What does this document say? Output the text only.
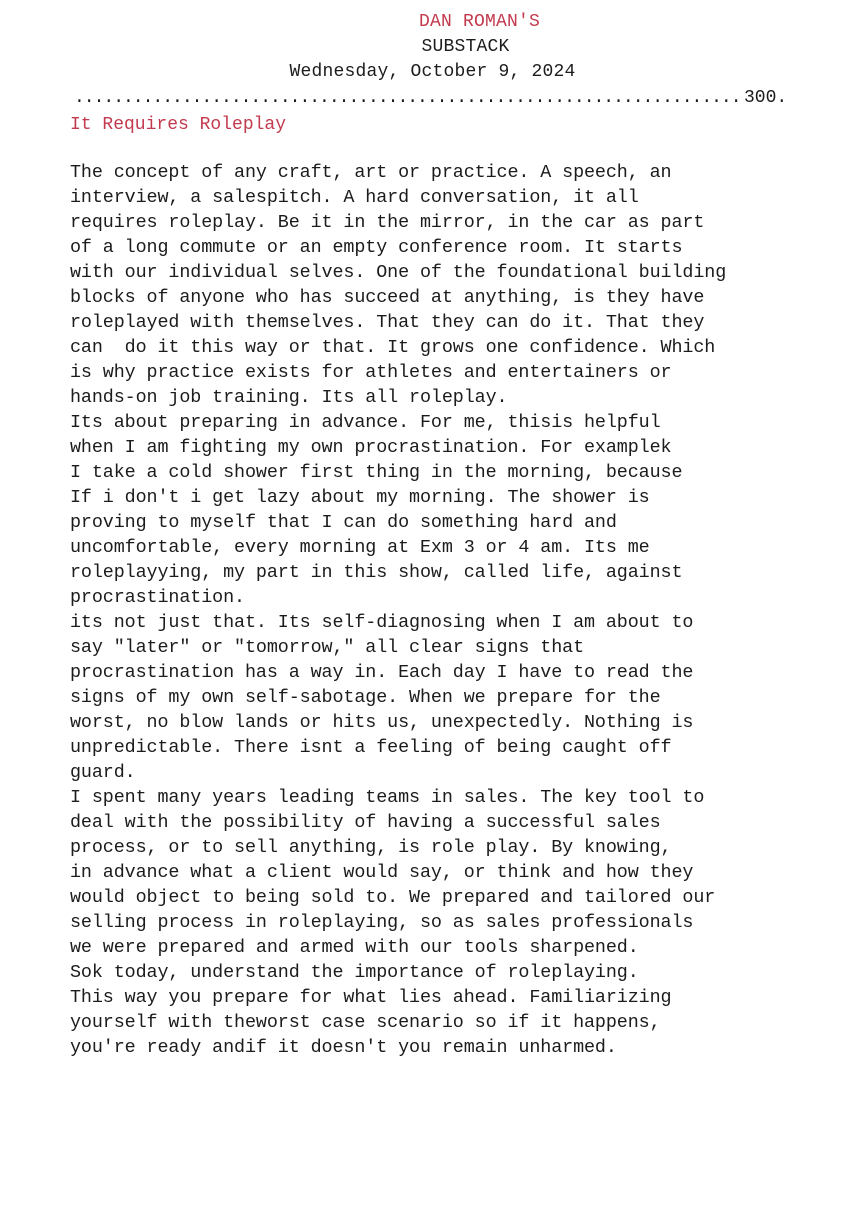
DAN ROMAN'S
SUBSTACK
Wednesday, October 9, 2024
.....300.
It Requires Roleplay
The concept of any craft, art or practice. A speech, an
interview, a salespitch. A hard conversation, it all
requires roleplay. Be it in the mirror, in the car as part
of a long commute or an empty conference room. It starts
with our individual selves. One of the foundational building
blocks of anyone who has succeed at anything, is they have
roleplayed with themselves. That they can do it. That they
can  do it this way or that. It grows one confidence. Which
is why practice exists for athletes and entertainers or
hands-on job training. Its all roleplay.
Its about preparing in advance. For me, thisis helpful
when I am fighting my own procrastination. For examplek
I take a cold shower first thing in the morning, because
If i don't i get lazy about my morning. The shower is
proving to myself that I can do something hard and
uncomfortable, every morning at Exm 3 or 4 am. Its me
roleplayying, my part in this show, called life, against
procrastination.
its not just that. Its self-diagnosing when I am about to
say "later" or "tomorrow," all clear signs that
procrastination has a way in. Each day I have to read the
signs of my own self-sabotage. When we prepare for the
worst, no blow lands or hits us, unexpectedly. Nothing is
unpredictable. There isnt a feeling of being caught off
guard.
I spent many years leading teams in sales. The key tool to
deal with the possibility of having a successful sales
process, or to sell anything, is role play. By knowing,
in advance what a client would say, or think and how they
would object to being sold to. We prepared and tailored our
selling process in roleplaying, so as sales professionals
we were prepared and armed with our tools sharpened.
Sok today, understand the importance of roleplaying.
This way you prepare for what lies ahead. Familiarizing
yourself with theworst case scenario so if it happens,
you're ready andif it doesn't you remain unharmed.
